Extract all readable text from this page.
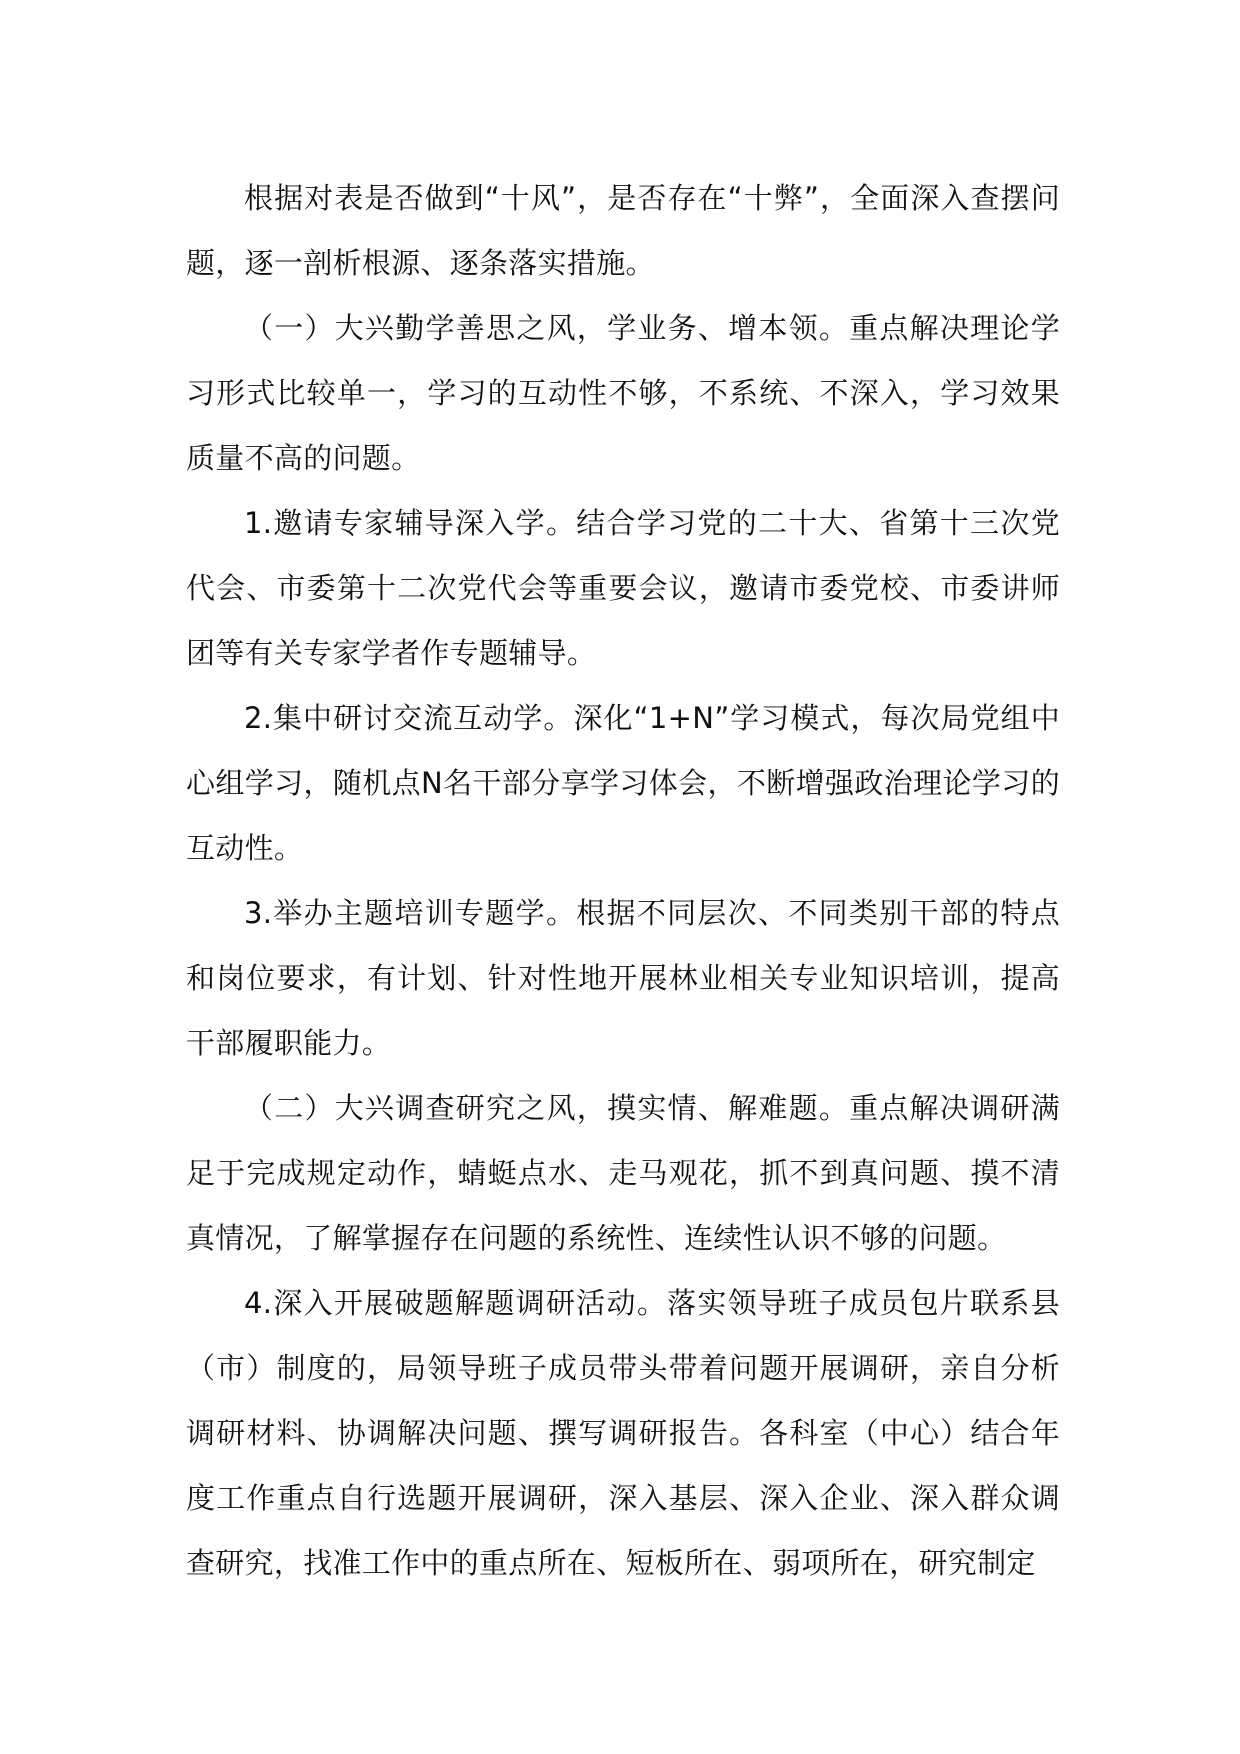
根据对表是否做到“十风”，是否存在“十弊”，全面深入查摆问题，逐一剖析根源、逐条落实措施。

（一）大兴勤学善思之风，学业务、增本领。重点解决理论学习形式比较单一，学习的互动性不够，不系统、不深入，学习效果质量不高的问题。

1.邀请专家辅导深入学。结合学习党的二十大、省第十三次党代会、市委第十二次党代会等重要会议，邀请市委党校、市委讲师团等有关专家学者作专题辅导。

2.集中研讨交流互动学。深化“1+N”学习模式，每次局党组中心组学习，随机点N名干部分享学习体会，不断增强政治理论学习的互动性。

3.举办主题培训专题学。根据不同层次、不同类别干部的特点和岗位要求，有计划、针对性地开展林业相关专业知识培训，提高干部履职能力。

（二）大兴调查研究之风，摸实情、解难题。重点解决调研满足于完成规定动作，蜻蜓点水、走马观花，抓不到真问题、摸不清真情况，了解掌握存在问题的系统性、连续性认识不够的问题。

4.深入开展破题解题调研活动。落实领导班子成员包片联系县（市）制度的，局领导班子成员带头带着问题开展调研，亲自分析调研材料、协调解决问题、撰写调研报告。各科室（中心）结合年度工作重点自行选题开展调研，深入基层、深入企业、深入群众调查研究，找准工作中的重点所在、短板所在、弱项所在，研究制定
